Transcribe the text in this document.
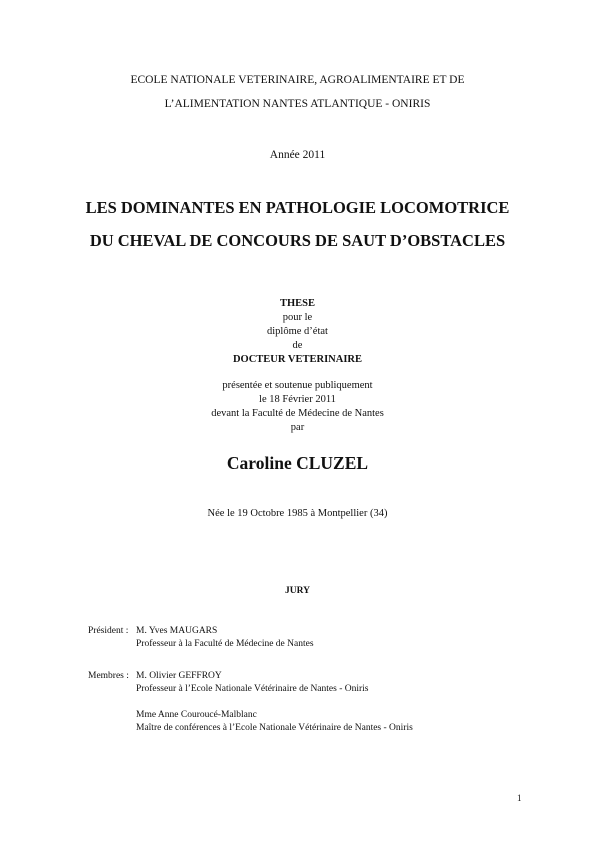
ECOLE NATIONALE VETERINAIRE, AGROALIMENTAIRE ET DE
L’ALIMENTATION NANTES ATLANTIQUE - ONIRIS
Année 2011
LES DOMINANTES EN PATHOLOGIE LOCOMOTRICE
DU CHEVAL DE CONCOURS DE SAUT D’OBSTACLES
THESE
pour le
diplôme d’état
de
DOCTEUR VETERINAIRE
présentée et soutenue publiquement
le 18 Février 2011
devant la Faculté de Médecine de Nantes
par
Caroline CLUZEL
Née le 19 Octobre 1985 à Montpellier (34)
JURY
Président : M. Yves MAUGARS
Professeur à la Faculté de Médecine de Nantes
Membres : M. Olivier GEFFROY
Professeur à l’Ecole Nationale Vétérinaire de Nantes - Oniris
Mme Anne Couroucé-Malblanc
Maître de conférences à l’Ecole Nationale Vétérinaire de Nantes - Oniris
1
